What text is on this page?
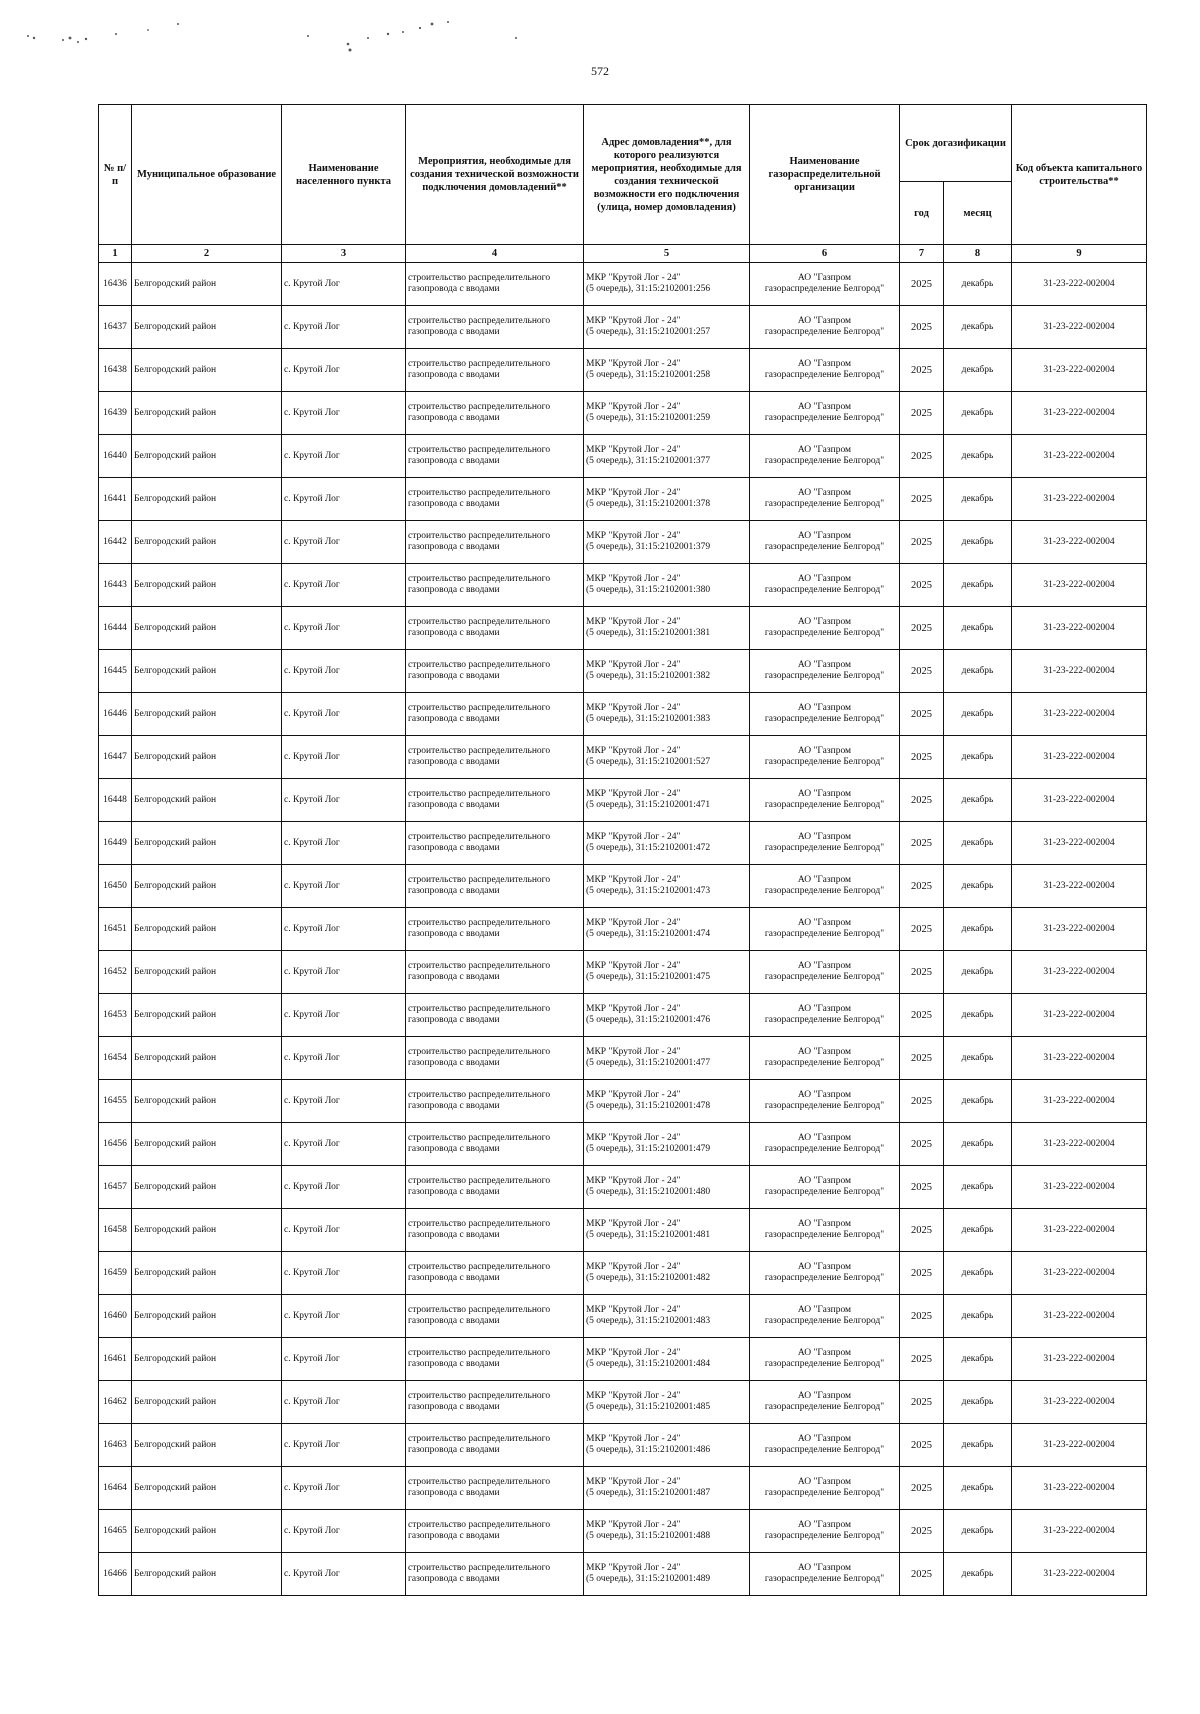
572
№ п/п	Муниципальное образование	Наименование населенного пункта	Мероприятия, необходимые для создания технической возможности подключения домовладений**	Адрес домовладения**, для которого реализуются мероприятия, необходимые для создания технической возможности его подключения (улица, номер домовладения)	Наименование газораспределительной организации	Срок догазификации		Код объекта капитального строительства**
						год	месяц	
1	2	3	4	5	6	7	8	9
16436	Белгородский район	с. Крутой Лог	строительство распределительного газопровода с вводами	МКР "Крутой Лог - 24"
(5 очередь), 31:15:2102001:256	АО "Газпром
газораспределение Белгород"	2025	декабрь	31-23-222-002004
16437	Белгородский район	с. Крутой Лог	строительство распределительного газопровода с вводами	МКР "Крутой Лог - 24"
(5 очередь), 31:15:2102001:257	АО "Газпром
газораспределение Белгород"	2025	декабрь	31-23-222-002004
16438	Белгородский район	с. Крутой Лог	строительство распределительного газопровода с вводами	МКР "Крутой Лог - 24"
(5 очередь), 31:15:2102001:258	АО "Газпром
газораспределение Белгород"	2025	декабрь	31-23-222-002004
16439	Белгородский район	с. Крутой Лог	строительство распределительного газопровода с вводами	МКР "Крутой Лог - 24"
(5 очередь), 31:15:2102001:259	АО "Газпром
газораспределение Белгород"	2025	декабрь	31-23-222-002004
16440	Белгородский район	с. Крутой Лог	строительство распределительного газопровода с вводами	МКР "Крутой Лог - 24"
(5 очередь), 31:15:2102001:377	АО "Газпром
газораспределение Белгород"	2025	декабрь	31-23-222-002004
16441	Белгородский район	с. Крутой Лог	строительство распределительного газопровода с вводами	МКР "Крутой Лог - 24"
(5 очередь), 31:15:2102001:378	АО "Газпром
газораспределение Белгород"	2025	декабрь	31-23-222-002004
16442	Белгородский район	с. Крутой Лог	строительство распределительного газопровода с вводами	МКР "Крутой Лог - 24"
(5 очередь), 31:15:2102001:379	АО "Газпром
газораспределение Белгород"	2025	декабрь	31-23-222-002004
16443	Белгородский район	с. Крутой Лог	строительство распределительного газопровода с вводами	МКР "Крутой Лог - 24"
(5 очередь), 31:15:2102001:380	АО "Газпром
газораспределение Белгород"	2025	декабрь	31-23-222-002004
16444	Белгородский район	с. Крутой Лог	строительство распределительного газопровода с вводами	МКР "Крутой Лог - 24"
(5 очередь), 31:15:2102001:381	АО "Газпром
газораспределение Белгород"	2025	декабрь	31-23-222-002004
16445	Белгородский район	с. Крутой Лог	строительство распределительного газопровода с вводами	МКР "Крутой Лог - 24"
(5 очередь), 31:15:2102001:382	АО "Газпром
газораспределение Белгород"	2025	декабрь	31-23-222-002004
16446	Белгородский район	с. Крутой Лог	строительство распределительного газопровода с вводами	МКР "Крутой Лог - 24"
(5 очередь), 31:15:2102001:383	АО "Газпром
газораспределение Белгород"	2025	декабрь	31-23-222-002004
16447	Белгородский район	с. Крутой Лог	строительство распределительного газопровода с вводами	МКР "Крутой Лог - 24"
(5 очередь), 31:15:2102001:527	АО "Газпром
газораспределение Белгород"	2025	декабрь	31-23-222-002004
16448	Белгородский район	с. Крутой Лог	строительство распределительного газопровода с вводами	МКР "Крутой Лог - 24"
(5 очередь), 31:15:2102001:471	АО "Газпром
газораспределение Белгород"	2025	декабрь	31-23-222-002004
16449	Белгородский район	с. Крутой Лог	строительство распределительного газопровода с вводами	МКР "Крутой Лог - 24"
(5 очередь), 31:15:2102001:472	АО "Газпром
газораспределение Белгород"	2025	декабрь	31-23-222-002004
16450	Белгородский район	с. Крутой Лог	строительство распределительного газопровода с вводами	МКР "Крутой Лог - 24"
(5 очередь), 31:15:2102001:473	АО "Газпром
газораспределение Белгород"	2025	декабрь	31-23-222-002004
16451	Белгородский район	с. Крутой Лог	строительство распределительного газопровода с вводами	МКР "Крутой Лог - 24"
(5 очередь), 31:15:2102001:474	АО "Газпром
газораспределение Белгород"	2025	декабрь	31-23-222-002004
16452	Белгородский район	с. Крутой Лог	строительство распределительного газопровода с вводами	МКР "Крутой Лог - 24"
(5 очередь), 31:15:2102001:475	АО "Газпром
газораспределение Белгород"	2025	декабрь	31-23-222-002004
16453	Белгородский район	с. Крутой Лог	строительство распределительного газопровода с вводами	МКР "Крутой Лог - 24"
(5 очередь), 31:15:2102001:476	АО "Газпром
газораспределение Белгород"	2025	декабрь	31-23-222-002004
16454	Белгородский район	с. Крутой Лог	строительство распределительного газопровода с вводами	МКР "Крутой Лог - 24"
(5 очередь), 31:15:2102001:477	АО "Газпром
газораспределение Белгород"	2025	декабрь	31-23-222-002004
16455	Белгородский район	с. Крутой Лог	строительство распределительного газопровода с вводами	МКР "Крутой Лог - 24"
(5 очередь), 31:15:2102001:478	АО "Газпром
газораспределение Белгород"	2025	декабрь	31-23-222-002004
16456	Белгородский район	с. Крутой Лог	строительство распределительного газопровода с вводами	МКР "Крутой Лог - 24"
(5 очередь), 31:15:2102001:479	АО "Газпром
газораспределение Белгород"	2025	декабрь	31-23-222-002004
16457	Белгородский район	с. Крутой Лог	строительство распределительного газопровода с вводами	МКР "Крутой Лог - 24"
(5 очередь), 31:15:2102001:480	АО "Газпром
газораспределение Белгород"	2025	декабрь	31-23-222-002004
16458	Белгородский район	с. Крутой Лог	строительство распределительного газопровода с вводами	МКР "Крутой Лог - 24"
(5 очередь), 31:15:2102001:481	АО "Газпром
газораспределение Белгород"	2025	декабрь	31-23-222-002004
16459	Белгородский район	с. Крутой Лог	строительство распределительного газопровода с вводами	МКР "Крутой Лог - 24"
(5 очередь), 31:15:2102001:482	АО "Газпром
газораспределение Белгород"	2025	декабрь	31-23-222-002004
16460	Белгородский район	с. Крутой Лог	строительство распределительного газопровода с вводами	МКР "Крутой Лог - 24"
(5 очередь), 31:15:2102001:483	АО "Газпром
газораспределение Белгород"	2025	декабрь	31-23-222-002004
16461	Белгородский район	с. Крутой Лог	строительство распределительного газопровода с вводами	МКР "Крутой Лог - 24"
(5 очередь), 31:15:2102001:484	АО "Газпром
газораспределение Белгород"	2025	декабрь	31-23-222-002004
16462	Белгородский район	с. Крутой Лог	строительство распределительного газопровода с вводами	МКР "Крутой Лог - 24"
(5 очередь), 31:15:2102001:485	АО "Газпром
газораспределение Белгород"	2025	декабрь	31-23-222-002004
16463	Белгородский район	с. Крутой Лог	строительство распределительного газопровода с вводами	МКР "Крутой Лог - 24"
(5 очередь), 31:15:2102001:486	АО "Газпром
газораспределение Белгород"	2025	декабрь	31-23-222-002004
16464	Белгородский район	с. Крутой Лог	строительство распределительного газопровода с вводами	МКР "Крутой Лог - 24"
(5 очередь), 31:15:2102001:487	АО "Газпром
газораспределение Белгород"	2025	декабрь	31-23-222-002004
16465	Белгородский район	с. Крутой Лог	строительство распределительного газопровода с вводами	МКР "Крутой Лог - 24"
(5 очередь), 31:15:2102001:488	АО "Газпром
газораспределение Белгород"	2025	декабрь	31-23-222-002004
16466	Белгородский район	с. Крутой Лог	строительство распределительного газопровода с вводами	МКР "Крутой Лог - 24"
(5 очередь), 31:15:2102001:489	АО "Газпром
газораспределение Белгород"	2025	декабрь	31-23-222-002004
